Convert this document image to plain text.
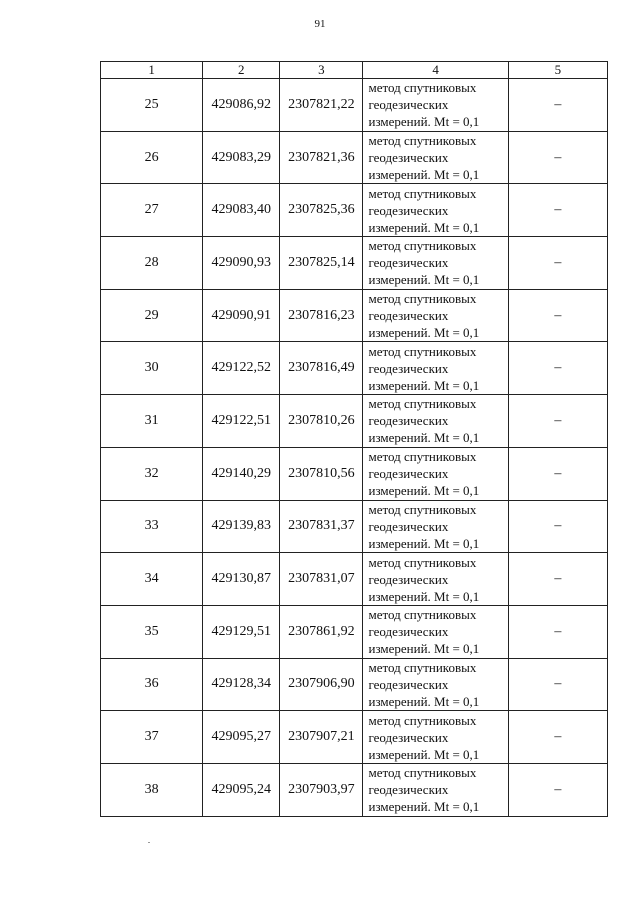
91
1	2	3	4	5
25	429086,92	2307821,22	метод спутниковых
геодезических
измерений. Mt = 0,1	–
26	429083,29	2307821,36	метод спутниковых
геодезических
измерений. Mt = 0,1	–
27	429083,40	2307825,36	метод спутниковых
геодезических
измерений. Mt = 0,1	–
28	429090,93	2307825,14	метод спутниковых
геодезических
измерений. Mt = 0,1	–
29	429090,91	2307816,23	метод спутниковых
геодезических
измерений. Mt = 0,1	–
30	429122,52	2307816,49	метод спутниковых
геодезических
измерений. Mt = 0,1	–
31	429122,51	2307810,26	метод спутниковых
геодезических
измерений. Mt = 0,1	–
32	429140,29	2307810,56	метод спутниковых
геодезических
измерений. Mt = 0,1	–
33	429139,83	2307831,37	метод спутниковых
геодезических
измерений. Mt = 0,1	–
34	429130,87	2307831,07	метод спутниковых
геодезических
измерений. Mt = 0,1	–
35	429129,51	2307861,92	метод спутниковых
геодезических
измерений. Mt = 0,1	–
36	429128,34	2307906,90	метод спутниковых
геодезических
измерений. Mt = 0,1	–
37	429095,27	2307907,21	метод спутниковых
геодезических
измерений. Mt = 0,1	–
38	429095,24	2307903,97	метод спутниковых
геодезических
измерений. Mt = 0,1	–
